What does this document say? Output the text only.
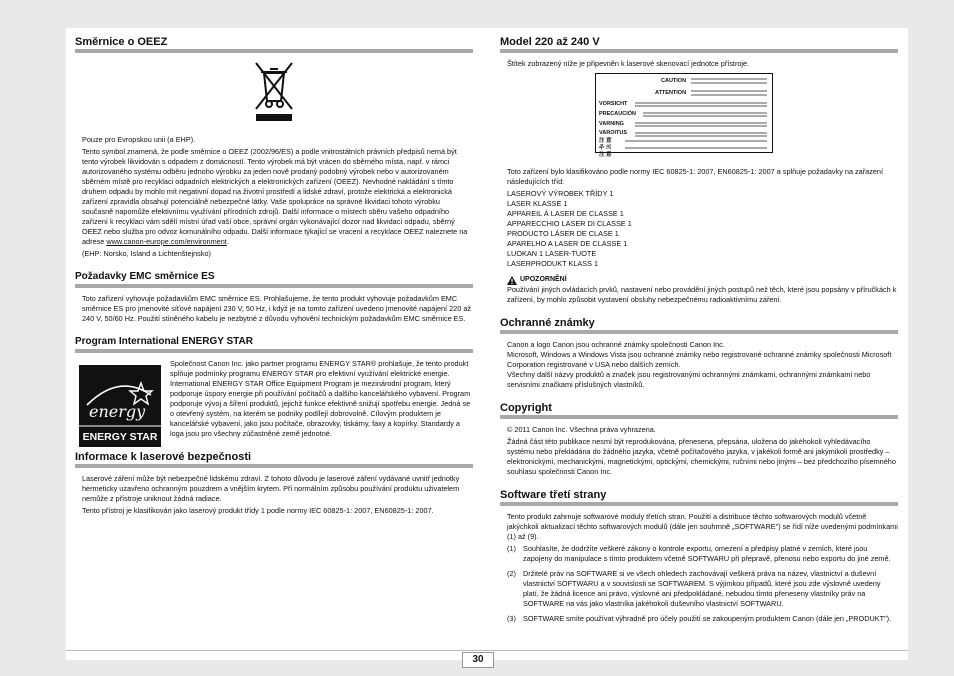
Směrnice o OEEZ

Pouze pro Evropskou unii (a EHP).

Tento symbol znamená, že podle směrnice o OEEZ (2002/96/ES) a podle vnitrostátních právních předpisů nemá být tento výrobek likvidován s odpadem z domácností. Tento výrobek má být vrácen do sběrného místa, např. v rámci autorizovaného systému odběru jednoho výrobku za jeden nově prodaný podobný výrobek nebo v autorizovaném sběrném místě pro recyklaci odpadních elektrických a elektronických zařízení (OEEZ). Nevhodné nakládání s tímto druhem odpadu by mohlo mít negativní dopad na životní prostředí a lidské zdraví, protože elektrická a elektronická zařízení zpravidla obsahují potenciálně nebezpečné látky. Vaše spolupráce na správné likvidaci tohoto výrobku současně napomůže efektivnímu využívání přírodních zdrojů. Další informace o místech sběru vašeho odpadního zařízení k recyklaci vám sdělí místní úřad vaší obce, správní orgán vykonávající dozor nad likvidací odpadu, sběrný OEEZ nebo služba pro odvoz komunálního odpadu. Další informace týkající se vracení a recyklace OEEZ naleznete na adrese www.canon-europe.com/environment.

(EHP: Norsko, Island a Lichtenštejnsko)

Požadavky EMC směrnice ES

Toto zařízení vyhovuje požadavkům EMC směrnice ES. Prohlašujeme, že tento produkt vyhovuje požadavkům EMC směrnice ES pro jmenovité síťové napájení 230 V, 50 Hz, i když je na tomto zařízení uvedeno jmenovité napájení 220 až 240 V, 50/60 Hz. Použití stíněného kabelu je nezbytné z důvodu vyhovění technickým požadavkům EMC směrnice ES.

Program International ENERGY STAR
energy
ENERGY STAR
Společnost Canon Inc. jako partner programu ENERGY STAR® prohlašuje, že tento produkt splňuje podmínky programu ENERGY STAR pro efektivní využívání elektrické energie.
International ENERGY STAR Office Equipment Program je mezinárodní program, který podporuje úspory energie při používání počítačů a dalšího kancelářského vybavení. Program podporuje vývoj a šíření produktů, jejichž funkce efektivně snižují spotřebu energie. Jedná se o otevřený systém, na kterém se podniky podílejí dobrovolně. Cílovým produktem je kancelářské vybavení, jako jsou počítače, obrazovky, tiskárny, faxy a kopírky. Standardy a loga jsou pro všechny zúčastněné země jednotné.
Informace k laserové bezpečnosti

Laserové záření může být nebezpečné lidskému zdraví. Z tohoto důvodu je laserové záření vydávané uvnitř jednotky hermeticky uzavřeno ochranným pouzdrem a vnějším krytem. Při normálním způsobu používání produktu uživatelem nemůže z přístroje uniknout žádná radiace.

Tento přístroj je klasifikován jako laserový produkt třídy 1 podle normy IEC 60825-1: 2007, EN60825-1: 2007.

Model 220 až 240 V

Štítek zobrazený níže je připevněn k laserové skenovací jednotce přístroje.

CAUTION
ATTENTION
VORSICHT
PRECAUCIÓN
VARNING
VAROITUS
注 意
주 의
注 意

Toto zařízení bylo klasifikováno podle normy IEC 60825-1: 2007, EN60825-1: 2007 a splňuje požadavky na zařazení následujících tříd:

LASEROVÝ VÝROBEK TŘÍDY 1
LASER KLASSE 1
APPAREIL À LASER DE CLASSE 1
APPARECCHIO LASER DI CLASSE 1
PRODUCTO LÁSER DE CLASE 1
APARELHO A LASER DE CLASSE 1
LUOKAN 1 LASER-TUOTE
LASERPRODUKT KLASS 1
UPOZORNĚNÍ
Používání jiných ovládacích prvků, nastavení nebo provádění jiných postupů než těch, které jsou popsány v příručkách k zařízení, by mohlo způsobit vystavení obsluhy nebezpečnému radioaktivnímu záření.
Ochranné známky
Canon a logo Canon jsou ochranné známky společnosti Canon Inc.
Microsoft, Windows a Windows Vista jsou ochranné známky nebo registrované ochranné známky společnosti Microsoft Corporation registrované v USA nebo dalších zemích.
Všechny další názvy produktů a značek jsou registrovanými ochrannými známkami, ochrannými známkami nebo servisními značkami příslušných vlastníků.
Copyright

© 2011 Canon Inc. Všechna práva vyhrazena.

Žádná část této publikace nesmí být reprodukována, přenesena, přepsána, uložena do jakéhokoli vyhledávacího systému nebo překládána do žádného jazyka, včetně počítačového jazyka, v jakékoli formě ani jakýmikoli prostředky – elektronickými, mechanickými, magnetickými, optickými, chemickými, ručními nebo jinými – bez předchozího písemného souhlasu společnosti Canon Inc.

Software třetí strany

Tento produkt zahrnuje softwarové moduly třetích stran. Použití a distribuce těchto softwarových modulů včetně jakýchkoli aktualizací těchto softwarových modulů (dále jen souhrnně „SOFTWARE") se řídí níže uvedenými podmínkami (1) až (9).

(1) Souhlasíte, že dodržíte veškeré zákony o kontrole exportu, omezení a předpisy platné v zemích, které jsou zapojeny do manipulace s tímto produktem včetně SOFTWARU při přepravě, přenosu nebo exportu do jiné země.
(2) Držitelé práv na SOFTWARE si ve všech ohledech zachovávají veškerá práva na název, vlastnictví a duševní vlastnictví SOFTWARU a v souvislosti se SOFTWAREM. S výjimkou případů, které jsou zde výslovně uvedeny platí, že žádná licence ani právo, výslovné ani předpokládané, nebudou tímto přeneseny vlastníky práv na SOFTWARE na vás jako vlastníka jakéhokoli duševního vlastnictví SOFTWARU.
(3) SOFTWARE smíte používat výhradně pro účely použití se zakoupeným produktem Canon (dále jen „PRODUKT").
30
